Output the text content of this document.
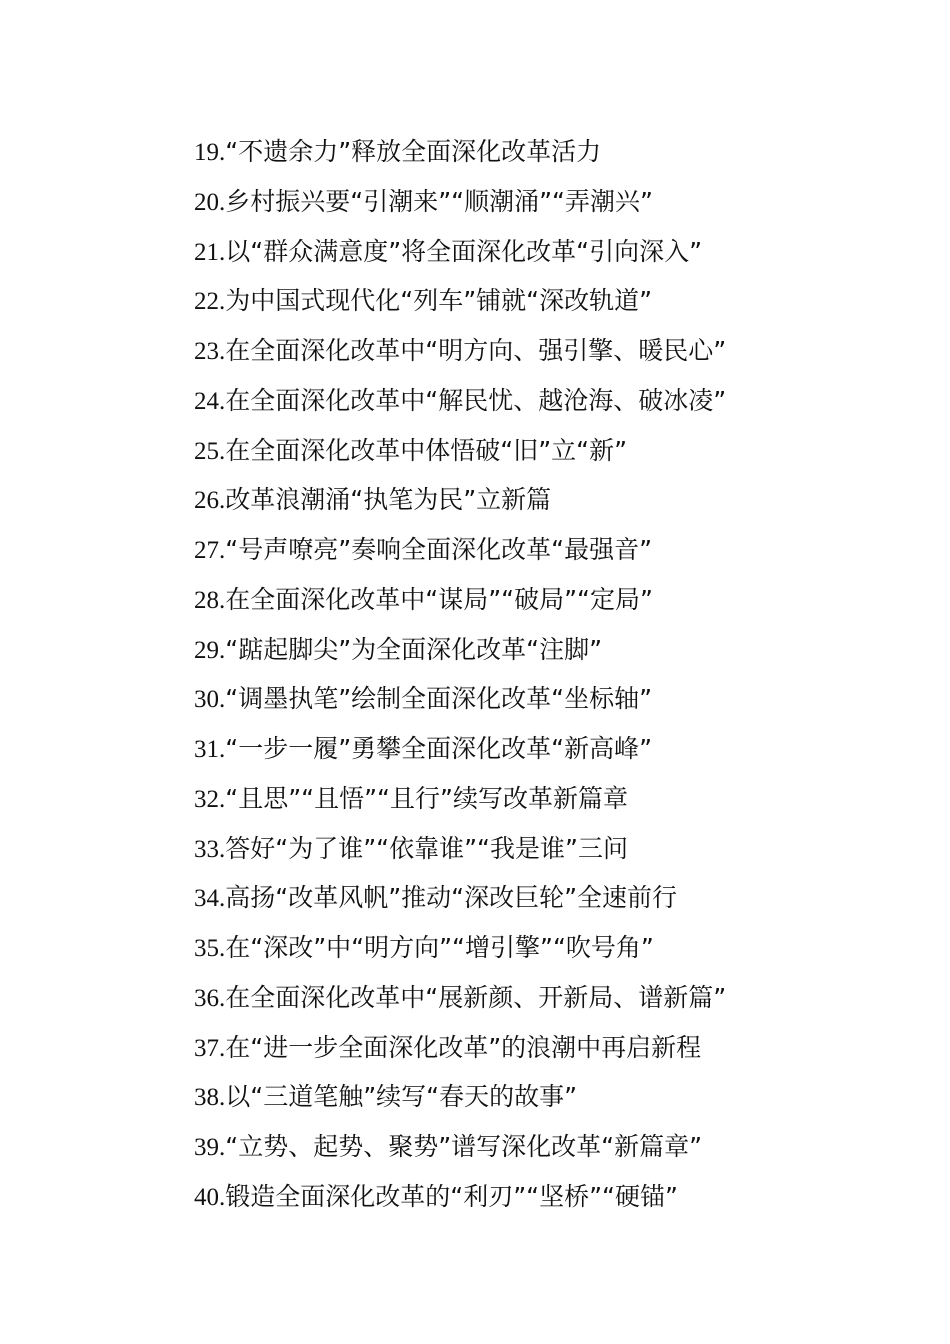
19.“不遗余力”释放全面深化改革活力
20.乡村振兴要“引潮来”“顺潮涌”“弄潮兴”
21.以“群众满意度”将全面深化改革“引向深入”
22.为中国式现代化“列车”铺就“深改轨道”
23.在全面深化改革中“明方向、强引擎、暖民心”
24.在全面深化改革中“解民忧、越沧海、破冰凌”
25.在全面深化改革中体悟破“旧”立“新”
26.改革浪潮涌“执笔为民”立新篇
27.“号声嘹亮”奏响全面深化改革“最强音”
28.在全面深化改革中“谋局”“破局”“定局”
29.“踮起脚尖”为全面深化改革“注脚”
30.“调墨执笔”绘制全面深化改革“坐标轴”
31.“一步一履”勇攀全面深化改革“新高峰”
32.“且思”“且悟”“且行”续写改革新篇章
33.答好“为了谁”“依靠谁”“我是谁”三问
34.高扬“改革风帆”推动“深改巨轮”全速前行
35.在“深改”中“明方向”“增引擎”“吹号角”
36.在全面深化改革中“展新颜、开新局、谱新篇”
37.在“进一步全面深化改革”的浪潮中再启新程
38.以“三道笔触”续写“春天的故事”
39.“立势、起势、聚势”谱写深化改革“新篇章”
40.锻造全面深化改革的“利刃”“坚桥”“硬锚”
